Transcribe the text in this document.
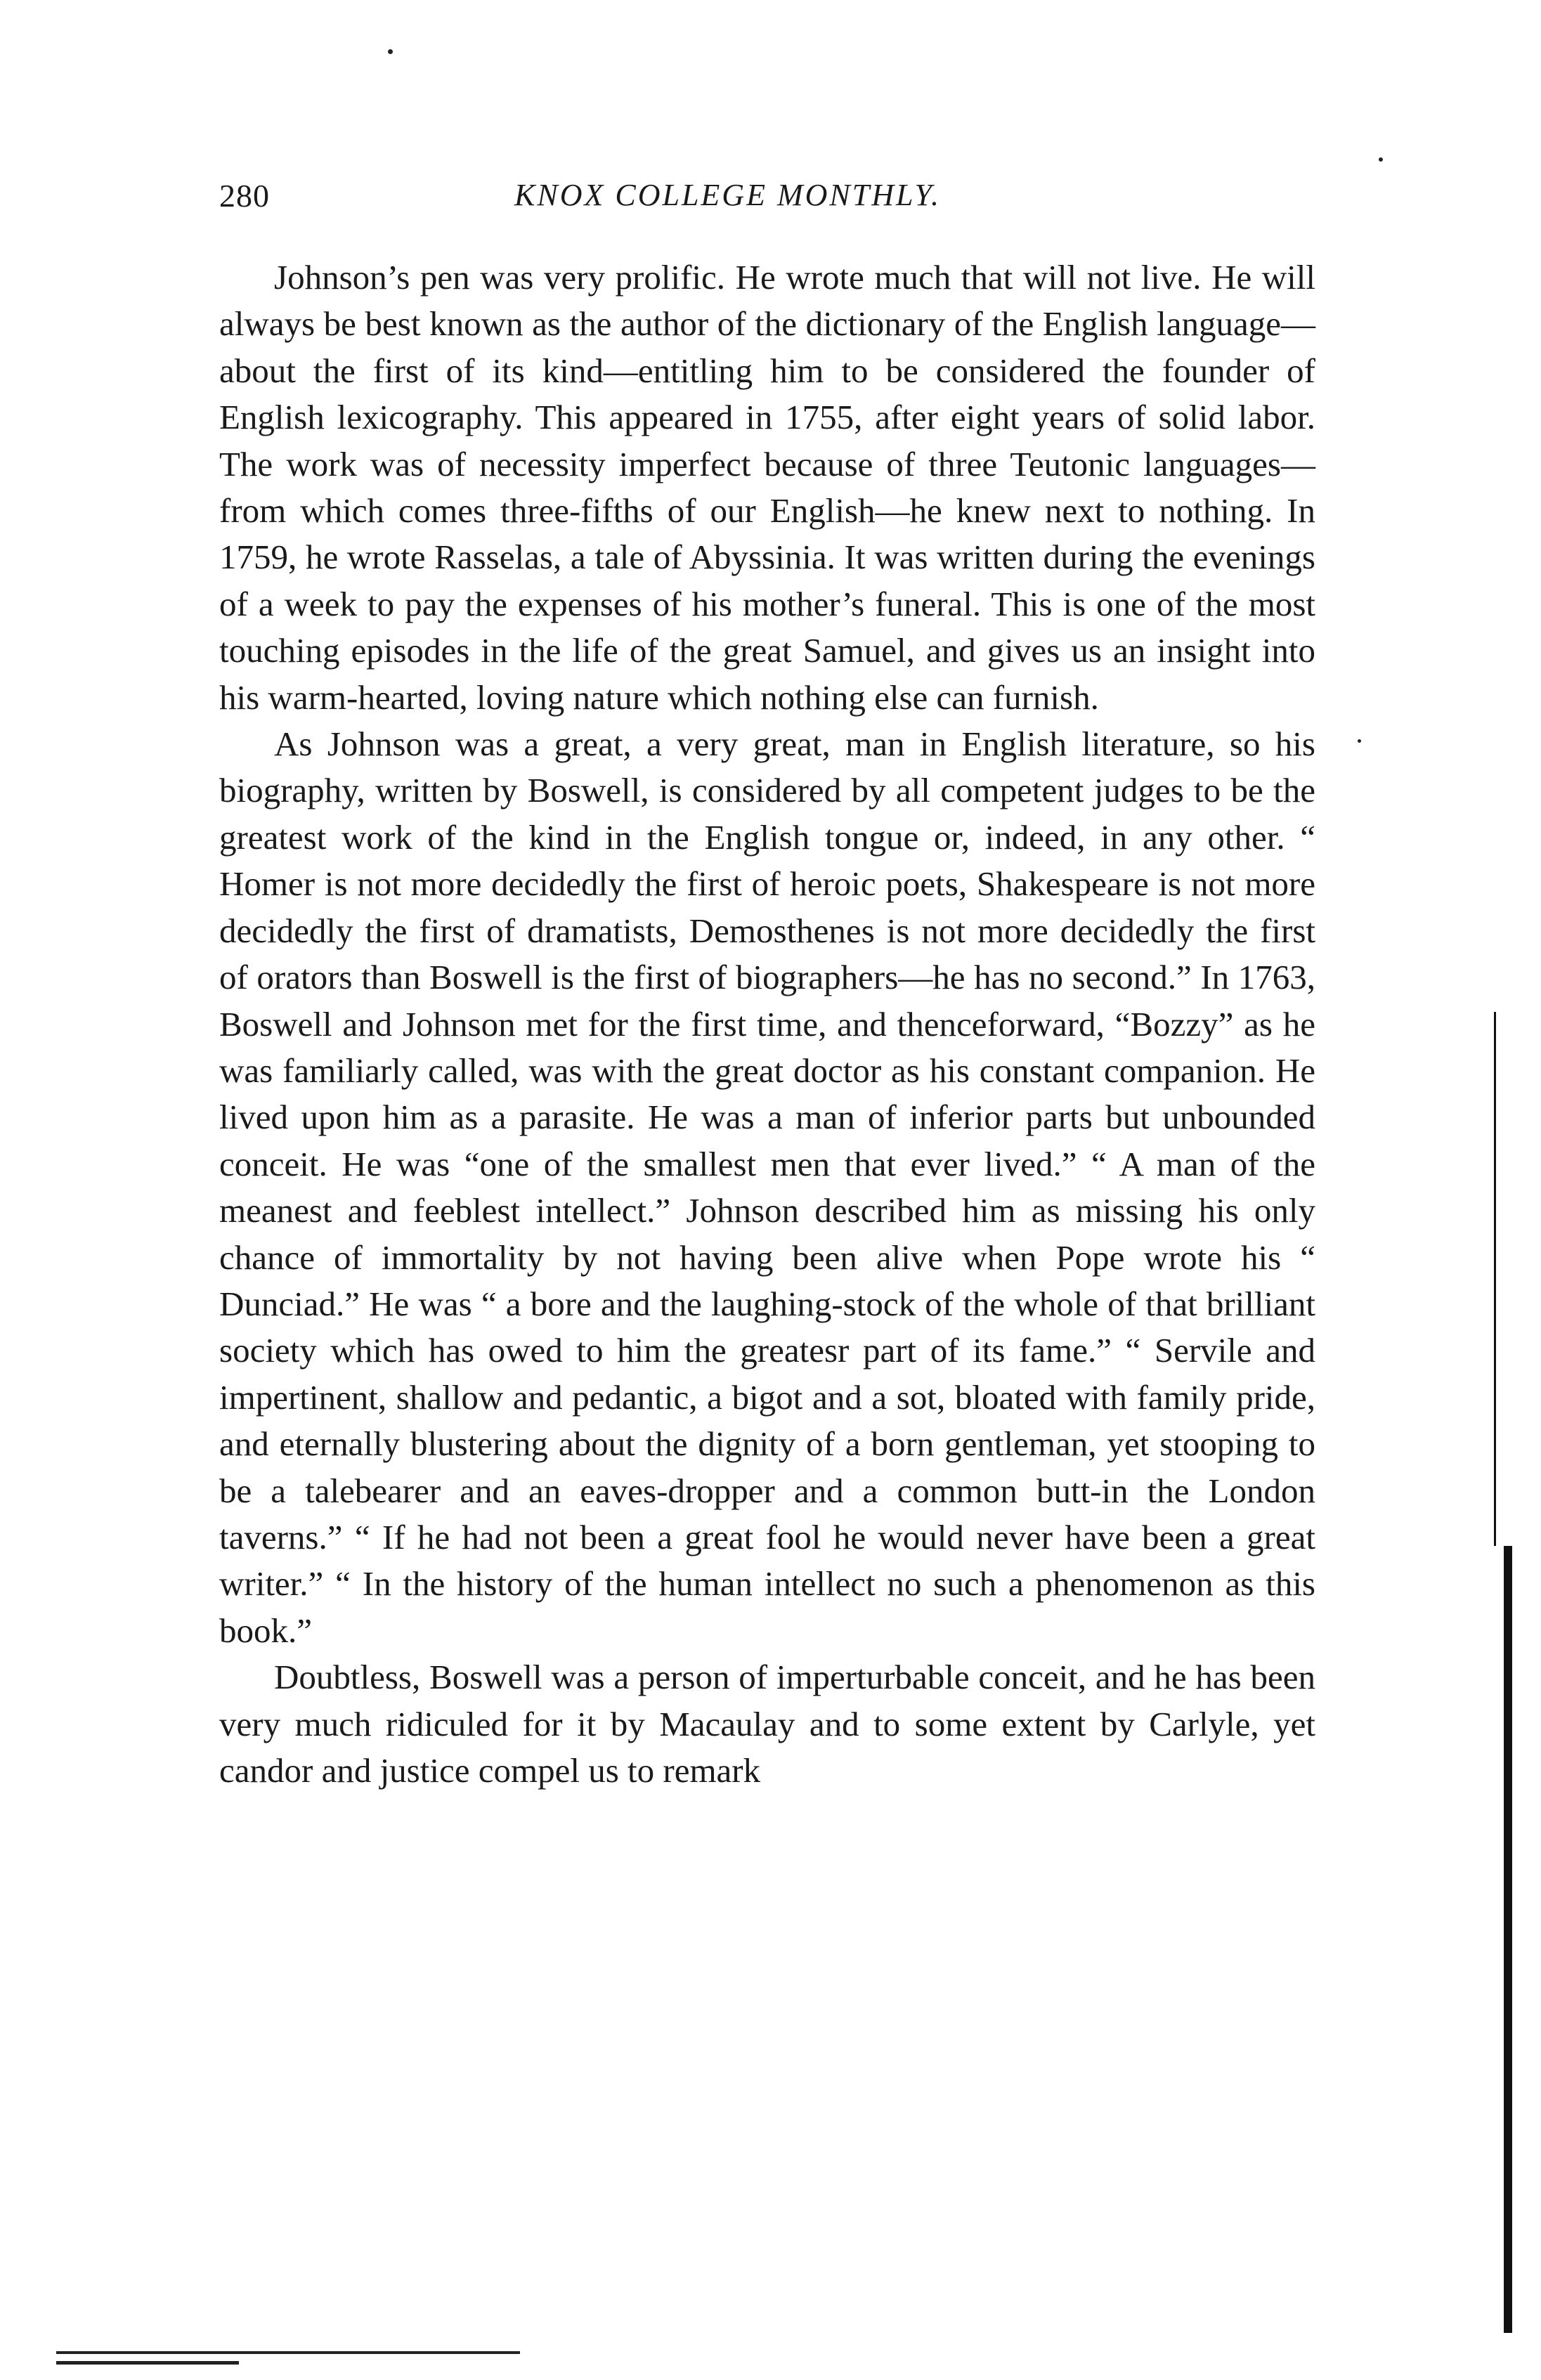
280	KNOX COLLEGE MONTHLY.

Johnson’s pen was very prolific. He wrote much that will not live. He will always be best known as the author of the dictionary of the English language—about the first of its kind—entitling him to be considered the founder of English lexicography. This appeared in 1755, after eight years of solid labor. The work was of necessity imperfect because of three Teutonic languages—from which comes three-fifths of our English—he knew next to nothing. In 1759, he wrote Rasselas, a tale of Abyssinia. It was written during the evenings of a week to pay the expenses of his mother’s funeral. This is one of the most touching episodes in the life of the great Samuel, and gives us an insight into his warm-hearted, loving nature which nothing else can furnish.

As Johnson was a great, a very great, man in English literature, so his biography, written by Boswell, is considered by all competent judges to be the greatest work of the kind in the English tongue or, indeed, in any other. “ Homer is not more decidedly the first of heroic poets, Shakespeare is not more decidedly the first of dramatists, Demosthenes is not more decidedly the first of orators than Boswell is the first of biographers—he has no second.” In 1763, Boswell and Johnson met for the first time, and thenceforward, “Bozzy” as he was familiarly called, was with the great doctor as his constant companion. He lived upon him as a parasite. He was a man of inferior parts but unbounded conceit. He was “one of the smallest men that ever lived.” “ A man of the meanest and feeblest intellect.” Johnson described him as missing his only chance of immortality by not having been alive when Pope wrote his “ Dunciad.” He was “ a bore and the laughing-stock of the whole of that brilliant society which has owed to him the greatesr part of its fame.” “ Servile and impertinent, shallow and pedantic, a bigot and a sot, bloated with family pride, and eternally blustering about the dignity of a born gentleman, yet stooping to be a talebearer and an eaves-dropper and a common butt-in the London taverns.” “ If he had not been a great fool he would never have been a great writer.” “ In the history of the human intellect no such a phenomenon as this book.”

Doubtless, Boswell was a person of imperturbable conceit, and he has been very much ridiculed for it by Macaulay and to some extent by Carlyle, yet candor and justice compel us to remark
